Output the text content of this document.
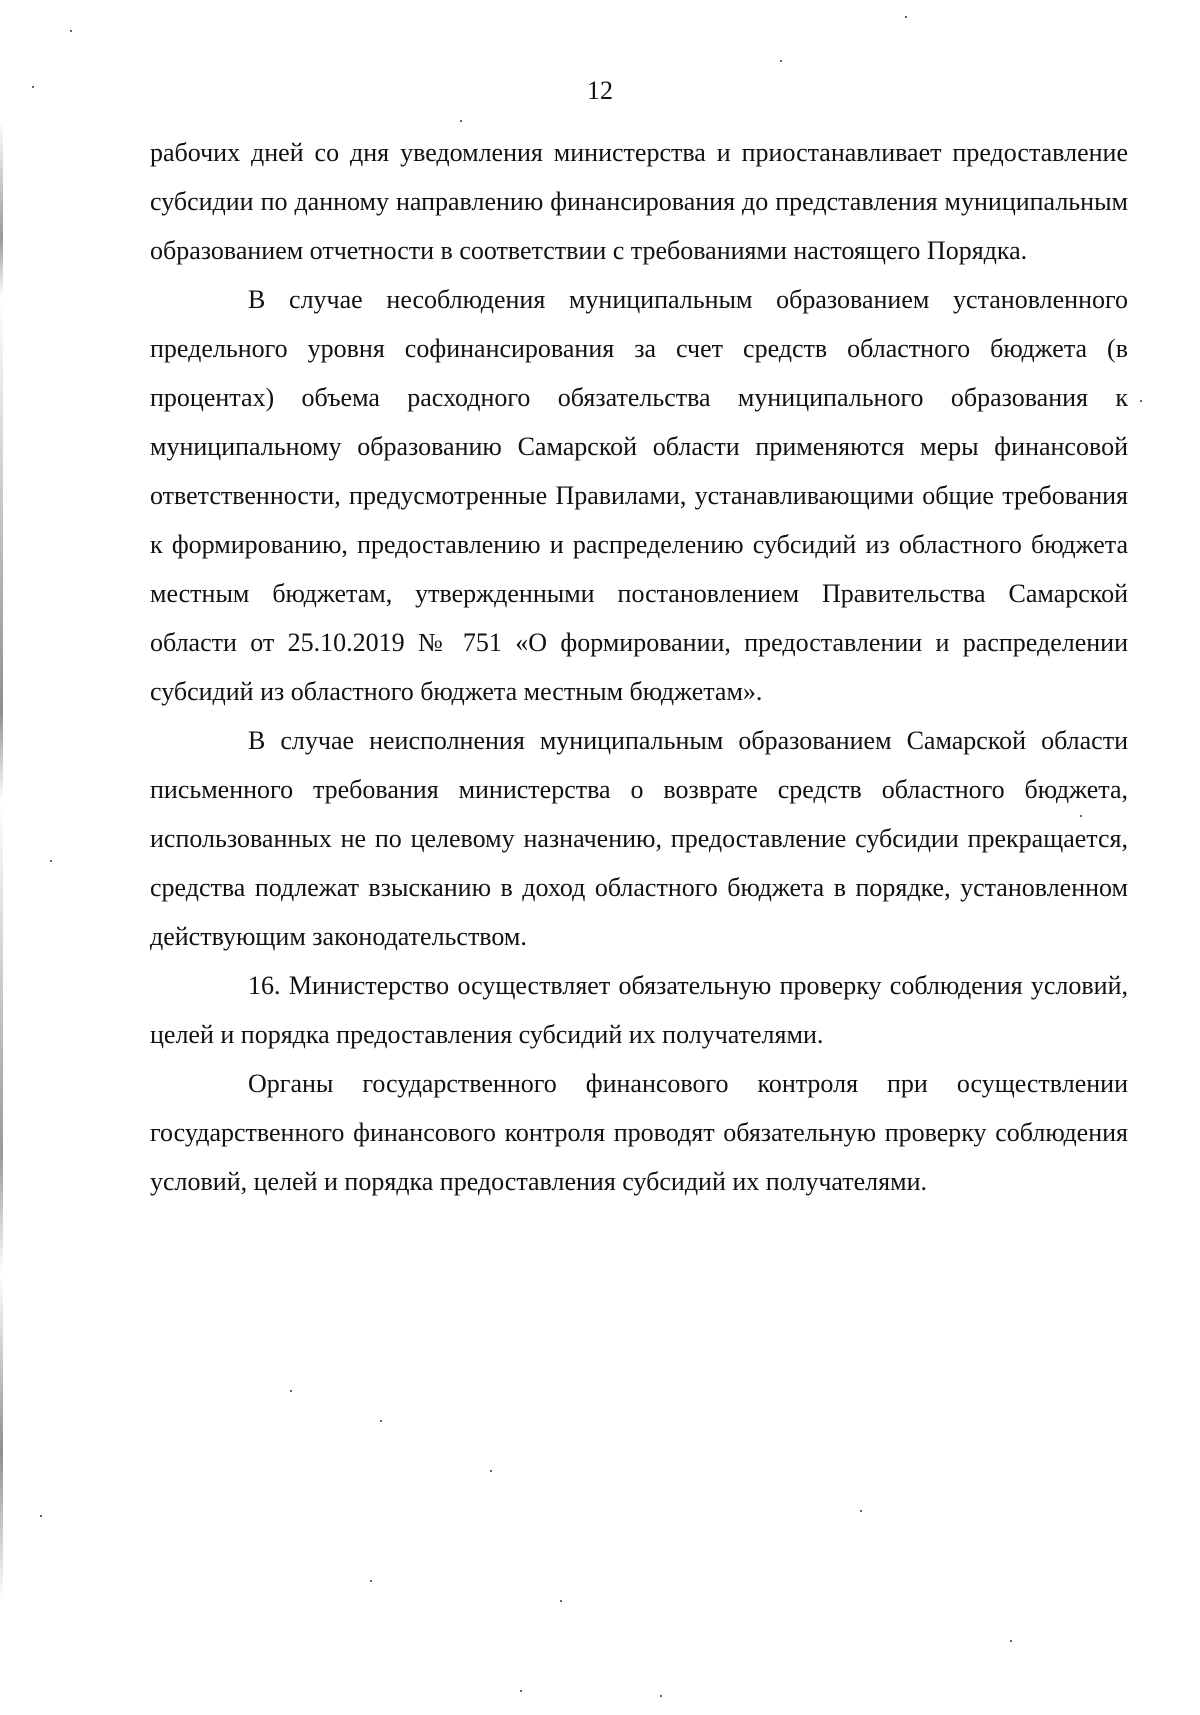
12

рабочих дней со дня уведомления министерства и приостанавливает предоставление субсидии по данному направлению финансирования до представления муниципальным образованием отчетности в соответствии с требованиями настоящего Порядка.

В случае несоблюдения муниципальным образованием установленного предельного уровня софинансирования за счет средств областного бюджета (в процентах) объема расходного обязательства муниципального образования к муниципальному образованию Самарской области применяются меры финансовой ответственности, предусмотренные Правилами, устанавливающими общие требования к формированию, предоставлению и распределению субсидий из областного бюджета местным бюджетам, утвержденными постановлением Правительства Самарской области от 25.10.2019 № 751 «О формировании, предоставлении и распределении субсидий из областного бюджета местным бюджетам».

В случае неисполнения муниципальным образованием Самарской области письменного требования министерства о возврате средств областного бюджета, использованных не по целевому назначению, предоставление субсидии прекращается, средства подлежат взысканию в доход областного бюджета в порядке, установленном действующим законодательством.

16. Министерство осуществляет обязательную проверку соблюдения условий, целей и порядка предоставления субсидий их получателями.

Органы государственного финансового контроля при осуществлении государственного финансового контроля проводят обязательную проверку соблюдения условий, целей и порядка предоставления субсидий их получателями.
